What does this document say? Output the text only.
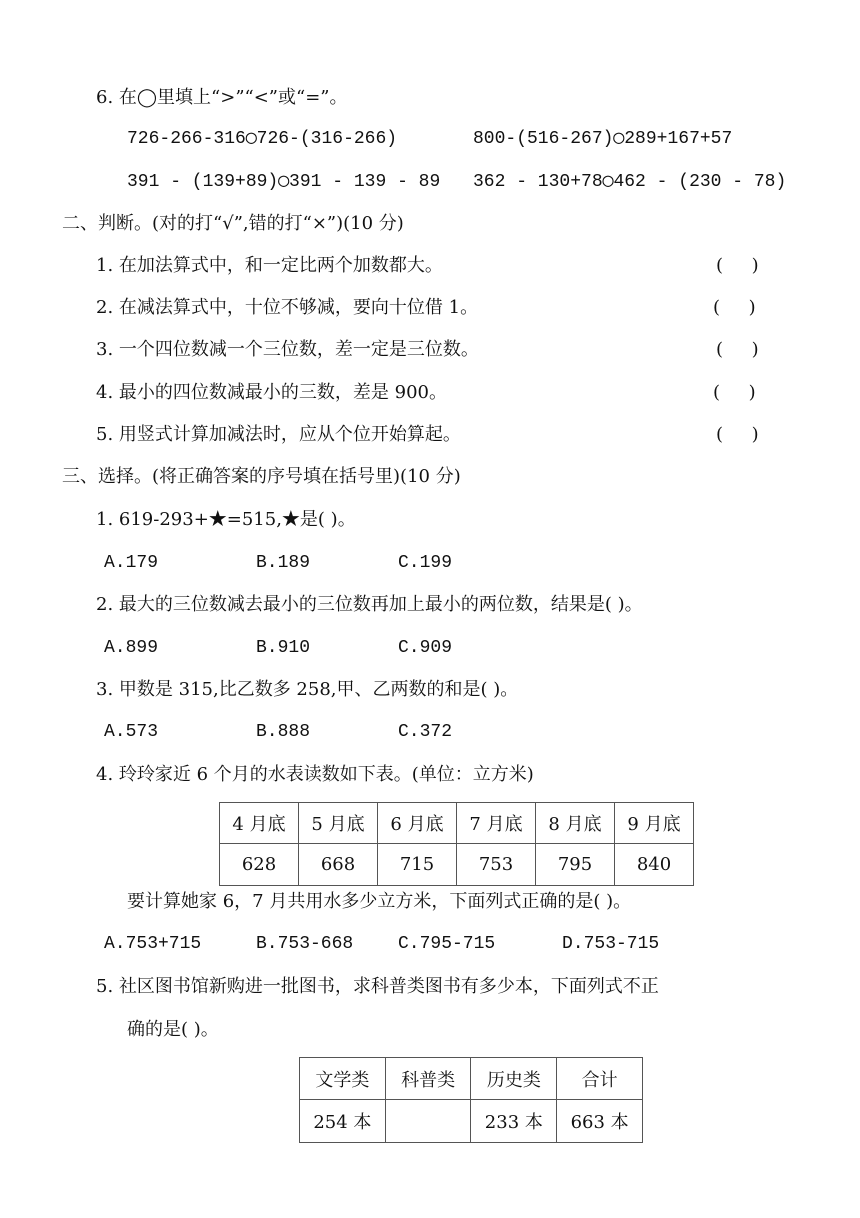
6. 在◯里填上“>”“<”或“=”。
726-266-316◯726-(316-266)	800-(516-267)◯289+167+57
391 - (139+89)◯391 - 139 - 89 362 - 130+78◯462 - (230 - 78)
二、判断。(对的打“√”,错的打“×”)(10 分)
1. 在加法算式中，和一定比两个加数都大。	(     )
2. 在减法算式中，十位不够减，要向十位借 1。	(     )
3. 一个四位数减一个三位数，差一定是三位数。	(     )
4. 最小的四位数减最小的三数，差是 900。	(     )
5. 用竖式计算加减法时，应从个位开始算起。	(     )
三、选择。(将正确答案的序号填在括号里)(10 分)
1. 619-293+★=515,★是( )。
A.179	B.189	C.199
2. 最大的三位数减去最小的三位数再加上最小的两位数，结果是( )。
A.899	B.910	C.909
3. 甲数是 315,比乙数多 258,甲、乙两数的和是( )。
A.573	B.888	C.372
4. 玲玲家近 6 个月的水表读数如下表。(单位：立方米)
4 月底	5 月底	6 月底	7 月底	8 月底	9 月底
628	668	715	753	795	840
要计算她家 6，7 月共用水多少立方米，下面列式正确的是( )。
A.753+715	B.753-668 C.795-715	D.753-715
5. 社区图书馆新购进一批图书，求科普类图书有多少本，下面列式不正
确的是( )。
文学类	科普类	历史类	合计
254 本		233 本	663 本
